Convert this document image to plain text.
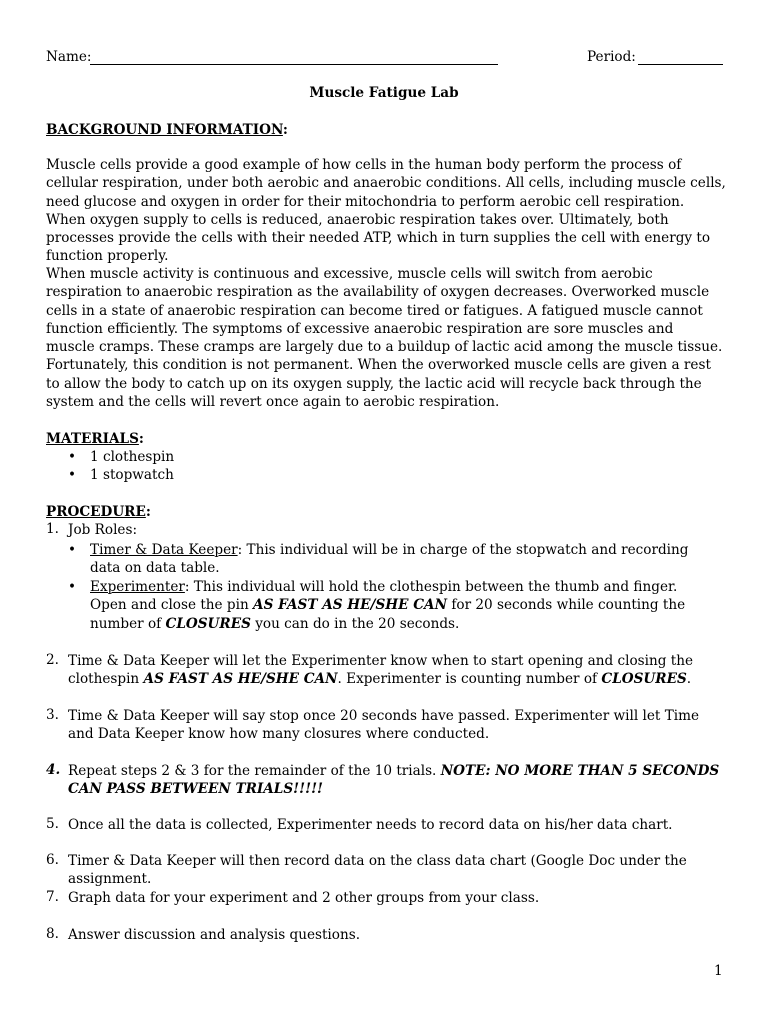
Name:	Period:
Muscle Fatigue Lab
BACKGROUND INFORMATION:
Muscle cells provide a good example of how cells in the human body perform the process of cellular respiration, under both aerobic and anaerobic conditions. All cells, including muscle cells, need glucose and oxygen in order for their mitochondria to perform aerobic cell respiration. When oxygen supply to cells is reduced, anaerobic respiration takes over. Ultimately, both processes provide the cells with their needed ATP, which in turn supplies the cell with energy to function properly.
When muscle activity is continuous and excessive, muscle cells will switch from aerobic respiration to anaerobic respiration as the availability of oxygen decreases. Overworked muscle cells in a state of anaerobic respiration can become tired or fatigues. A fatigued muscle cannot function efficiently. The symptoms of excessive anaerobic respiration are sore muscles and muscle cramps. These cramps are largely due to a buildup of lactic acid among the muscle tissue. Fortunately, this condition is not permanent. When the overworked muscle cells are given a rest to allow the body to catch up on its oxygen supply, the lactic acid will recycle back through the system and the cells will revert once again to aerobic respiration.
MATERIALS:
• 1 clothespin
• 1 stopwatch
PROCEDURE:
1. Job Roles:
• Timer & Data Keeper: This individual will be in charge of the stopwatch and recording data on data table.
• Experimenter: This individual will hold the clothespin between the thumb and finger. Open and close the pin AS FAST AS HE/SHE CAN for 20 seconds while counting the number of CLOSURES you can do in the 20 seconds.
2. Time & Data Keeper will let the Experimenter know when to start opening and closing the clothespin AS FAST AS HE/SHE CAN. Experimenter is counting number of CLOSURES.
3. Time & Data Keeper will say stop once 20 seconds have passed. Experimenter will let Time and Data Keeper know how many closures where conducted.
4. Repeat steps 2 & 3 for the remainder of the 10 trials. NOTE: NO MORE THAN 5 SECONDS CAN PASS BETWEEN TRIALS!!!!!
5. Once all the data is collected, Experimenter needs to record data on his/her data chart.
6. Timer & Data Keeper will then record data on the class data chart (Google Doc under the assignment.
7. Graph data for your experiment and 2 other groups from your class.
8. Answer discussion and analysis questions.
1
